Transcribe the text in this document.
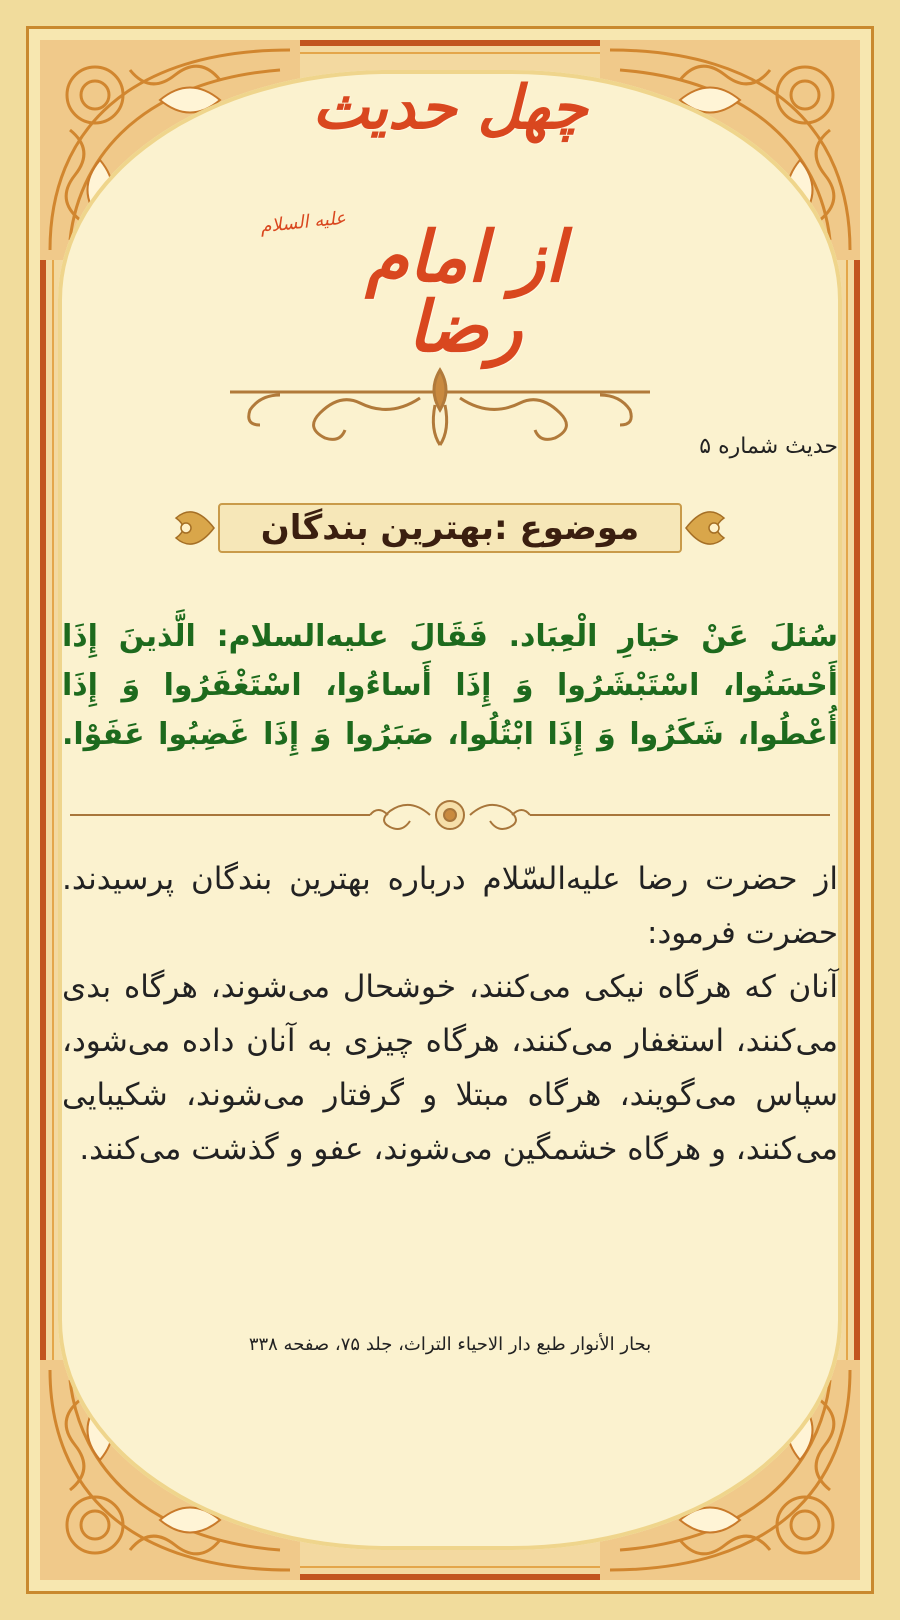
چهل حدیث
علیه السلام از امام رضا
حدیث شماره ۵
موضوع :بهترین بندگان
سُئلَ عَنْ خیَارِ الْعِبَاد. فَقَالَ علیه‌السلام: الَّذینَ إِذَا أَحْسَنُوا، اسْتَبْشَرُوا وَ إِذَا أَساءُوا، اسْتَغْفَرُوا وَ إِذَا أُعْطُوا، شَكَرُوا وَ إِذَا ابْتُلُوا، صَبَرُوا وَ إِذَا غَضِبُوا عَفَوْا.

از حضرت رضا علیه‌السّلام درباره بهترین بندگان پرسیدند. حضرت فرمود:

آنان که هرگاه نیکی می‌کنند، خوشحال می‌شوند، هرگاه بدی می‌کنند، استغفار می‌کنند، هرگاه چیزی به آنان داده می‌شود، سپاس می‌گویند، هرگاه مبتلا و گرفتار می‌شوند، شکیبایی می‌کنند، و هرگاه خشمگین می‌شوند، عفو و گذشت می‌کنند.

بحار الأنوار طبع دار الاحیاء التراث، جلد ۷۵، صفحه ۳۳۸
